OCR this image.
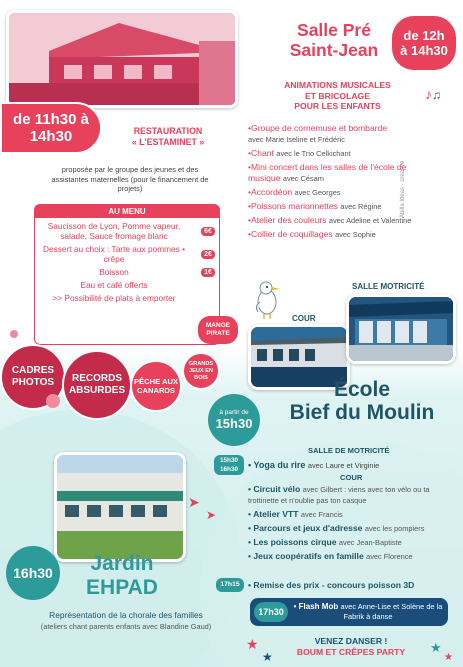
de 11h30 à
14h30	RESTAURATION
« L'ESTAMINET »
proposée par le groupe des jeunes et des assistantes maternelles (pour le financement de projets)
AU MENU
Saucisson de Lyon, Pomme vapeur, salade, Sauce fromage blanc	6€
Dessert au choix : Tarte aux pommes • crêpe	2€
Boisson	1€
Eau et café offerts
>> Possibilité de plats à emporter
MANGE PIRATE
Salle Pré
Saint-Jean
de 12h
à 14h30
♪♫
ANIMATIONS MUSICALES
ET BRICOLAGE
POUR LES ENFANTS
•Groupe de cornemuse et bombarde
avec Marie Iseline et Frédéric
•Chant avec le Trio Celkichant
•Mini concert dans les salles de l'école de musique avec Césam
•Accordéon avec Georges
•Poissons marionnettes avec Régine
•Atelier des couleurs avec Adeline et Valentine
•Collier de coquillages avec Sophie
Abilla Ideas · créative
COUR
SALLE MOTRICITÉ
CADRES PHOTOS	RECORDS ABSURDES
PÊCHE AUX CANARDS
GRANDS JEUX EN BOIS
École
Bief du Moulin
à partir de
15h30
SALLE DE MOTRICITÉ
15h30
16h30	• Yoga du rire avec Laure et Virginie
COUR
• Circuit vélo avec Gilbert : viens avec ton vélo ou ta trottinette et n'oublie pas ton casque
• Atelier VTT avec Francis
• Parcours et jeux d'adresse avec les pompiers
• Les poissons cirque avec Jean-Baptiste
• Jeux coopératifs en famille avec Florence
17h15 • Remise des prix - concours poisson 3D
17h30
• Flash Mob avec Anne-Lise et Solène de la Fabrik à danse
16h30	Jardin
EHPAD
Représentation de la chorale des familles (ateliers chant parents enfants avec Blandine Gaud)
➤
➤
VENEZ DANSER !
BOUM ET CRÊPES PARTY
★
★
★
★
